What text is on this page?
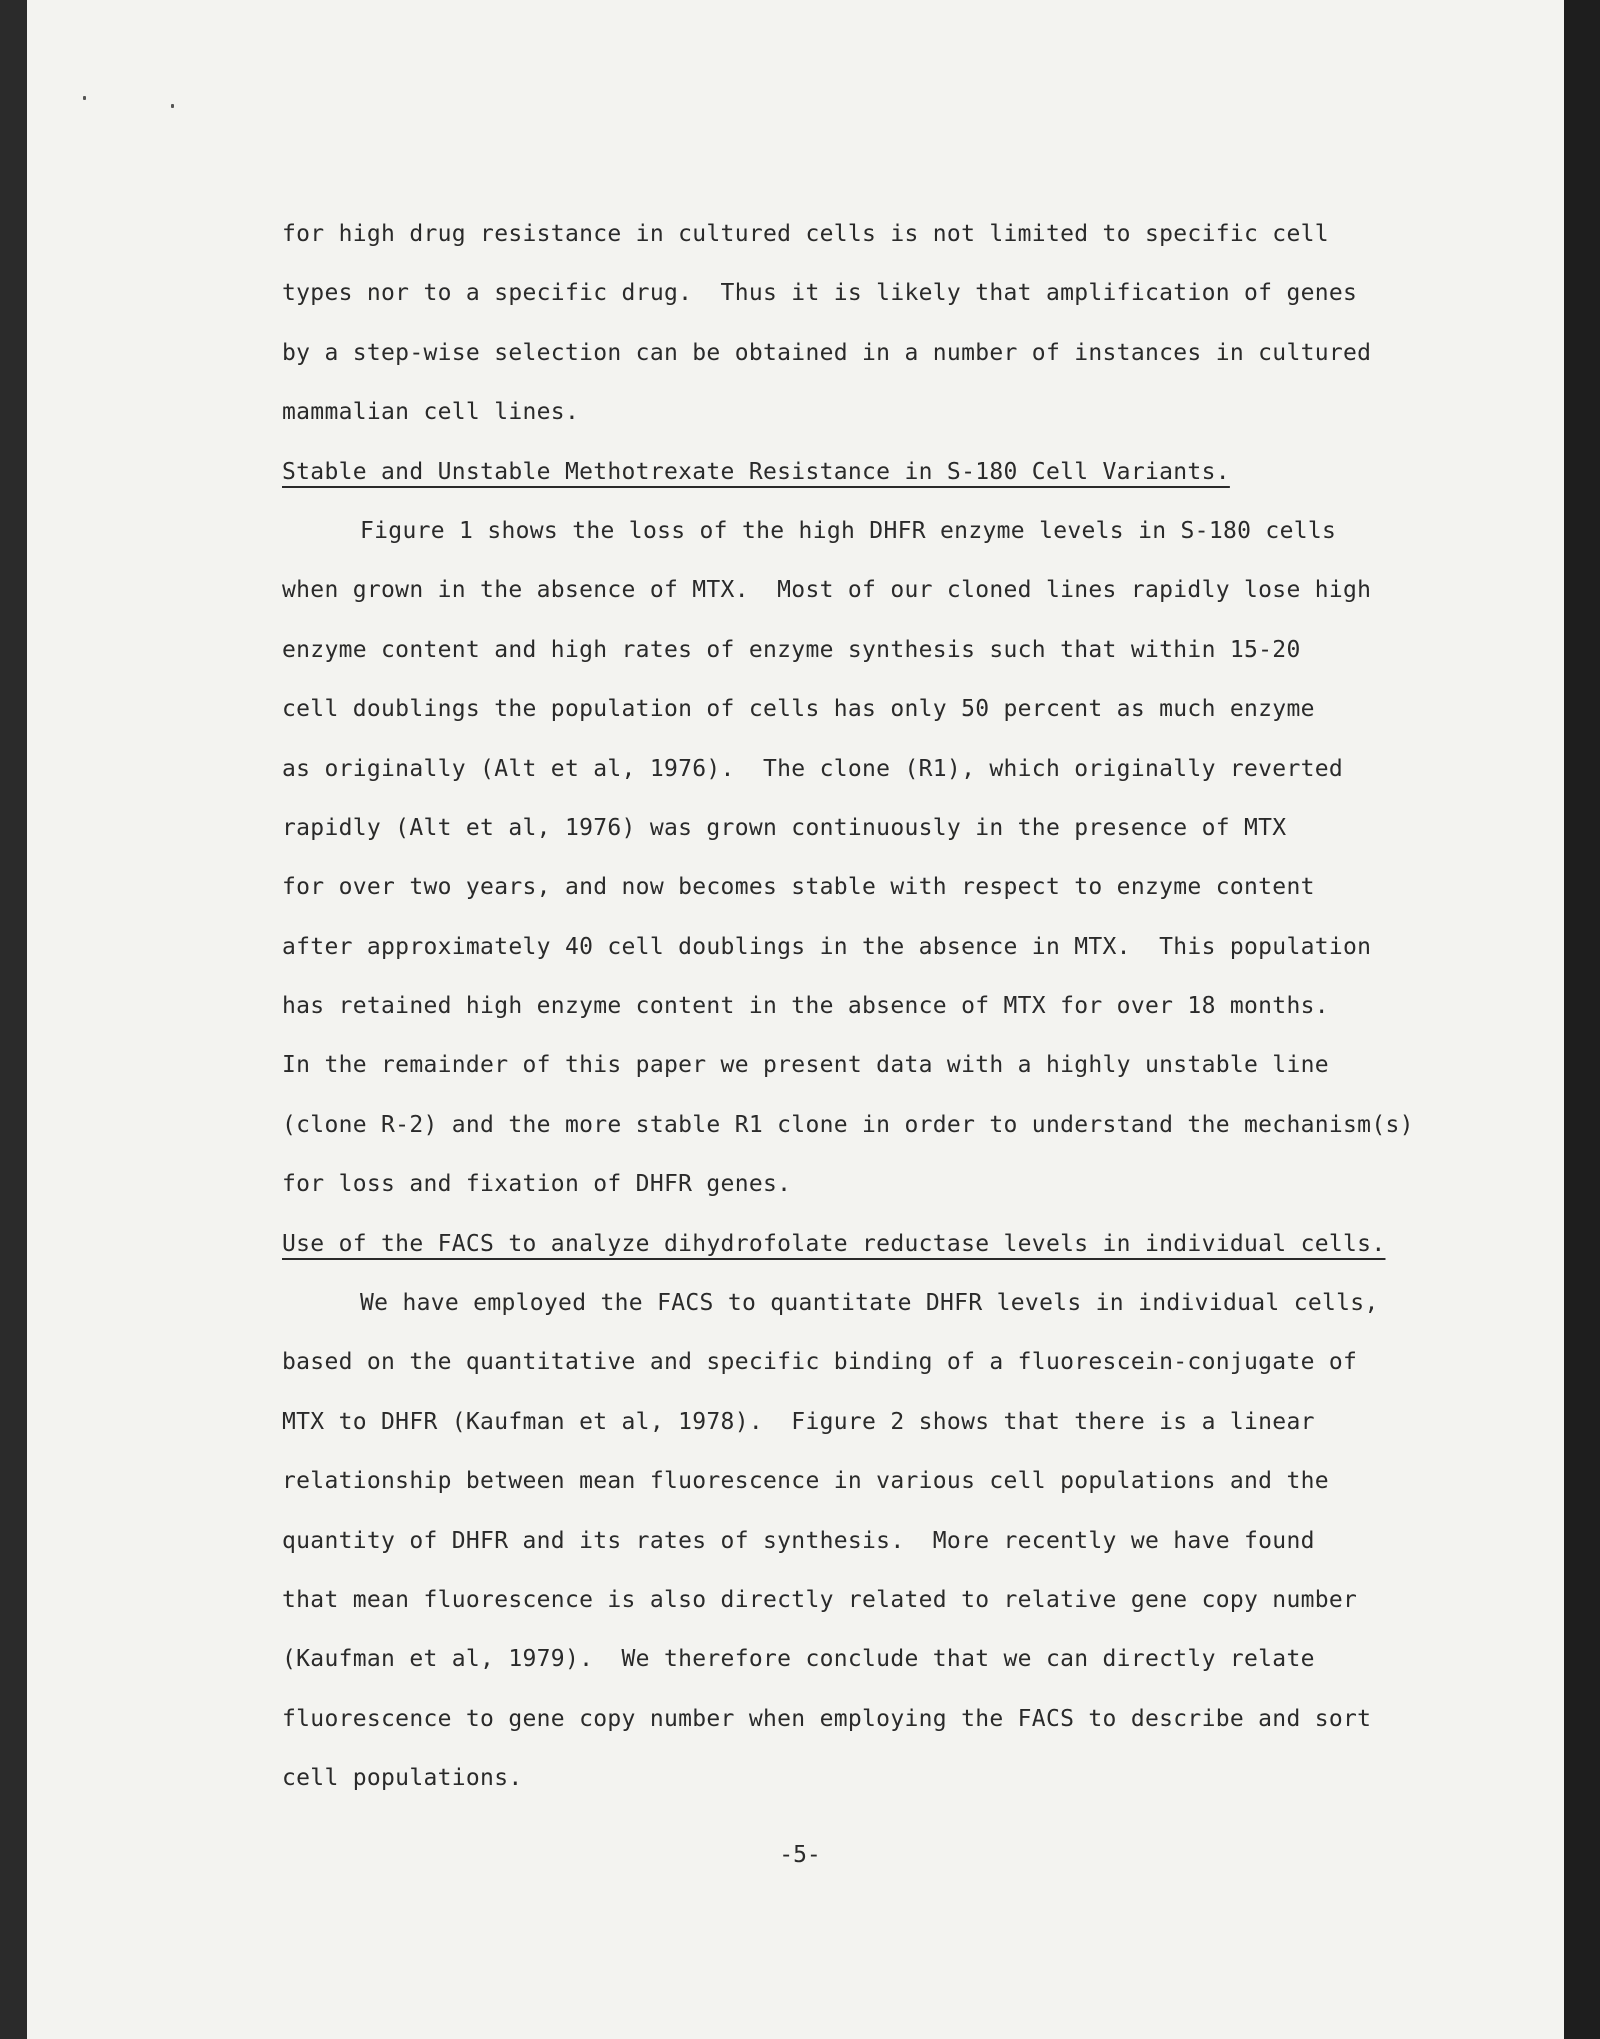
for high drug resistance in cultured cells is not limited to specific cell
types nor to a specific drug.  Thus it is likely that amplification of genes
by a step-wise selection can be obtained in a number of instances in cultured
mammalian cell lines.
Stable and Unstable Methotrexate Resistance in S-180 Cell Variants.
Figure 1 shows the loss of the high DHFR enzyme levels in S-180 cells
when grown in the absence of MTX.  Most of our cloned lines rapidly lose high
enzyme content and high rates of enzyme synthesis such that within 15-20
cell doublings the population of cells has only 50 percent as much enzyme
as originally (Alt et al, 1976).  The clone (R1), which originally reverted
rapidly (Alt et al, 1976) was grown continuously in the presence of MTX
for over two years, and now becomes stable with respect to enzyme content
after approximately 40 cell doublings in the absence in MTX.  This population
has retained high enzyme content in the absence of MTX for over 18 months.
In the remainder of this paper we present data with a highly unstable line
(clone R-2) and the more stable R1 clone in order to understand the mechanism(s)
for loss and fixation of DHFR genes.
Use of the FACS to analyze dihydrofolate reductase levels in individual cells.
We have employed the FACS to quantitate DHFR levels in individual cells,
based on the quantitative and specific binding of a fluorescein-conjugate of
MTX to DHFR (Kaufman et al, 1978).  Figure 2 shows that there is a linear
relationship between mean fluorescence in various cell populations and the
quantity of DHFR and its rates of synthesis.  More recently we have found
that mean fluorescence is also directly related to relative gene copy number
(Kaufman et al, 1979).  We therefore conclude that we can directly relate
fluorescence to gene copy number when employing the FACS to describe and sort
cell populations.
-5-
